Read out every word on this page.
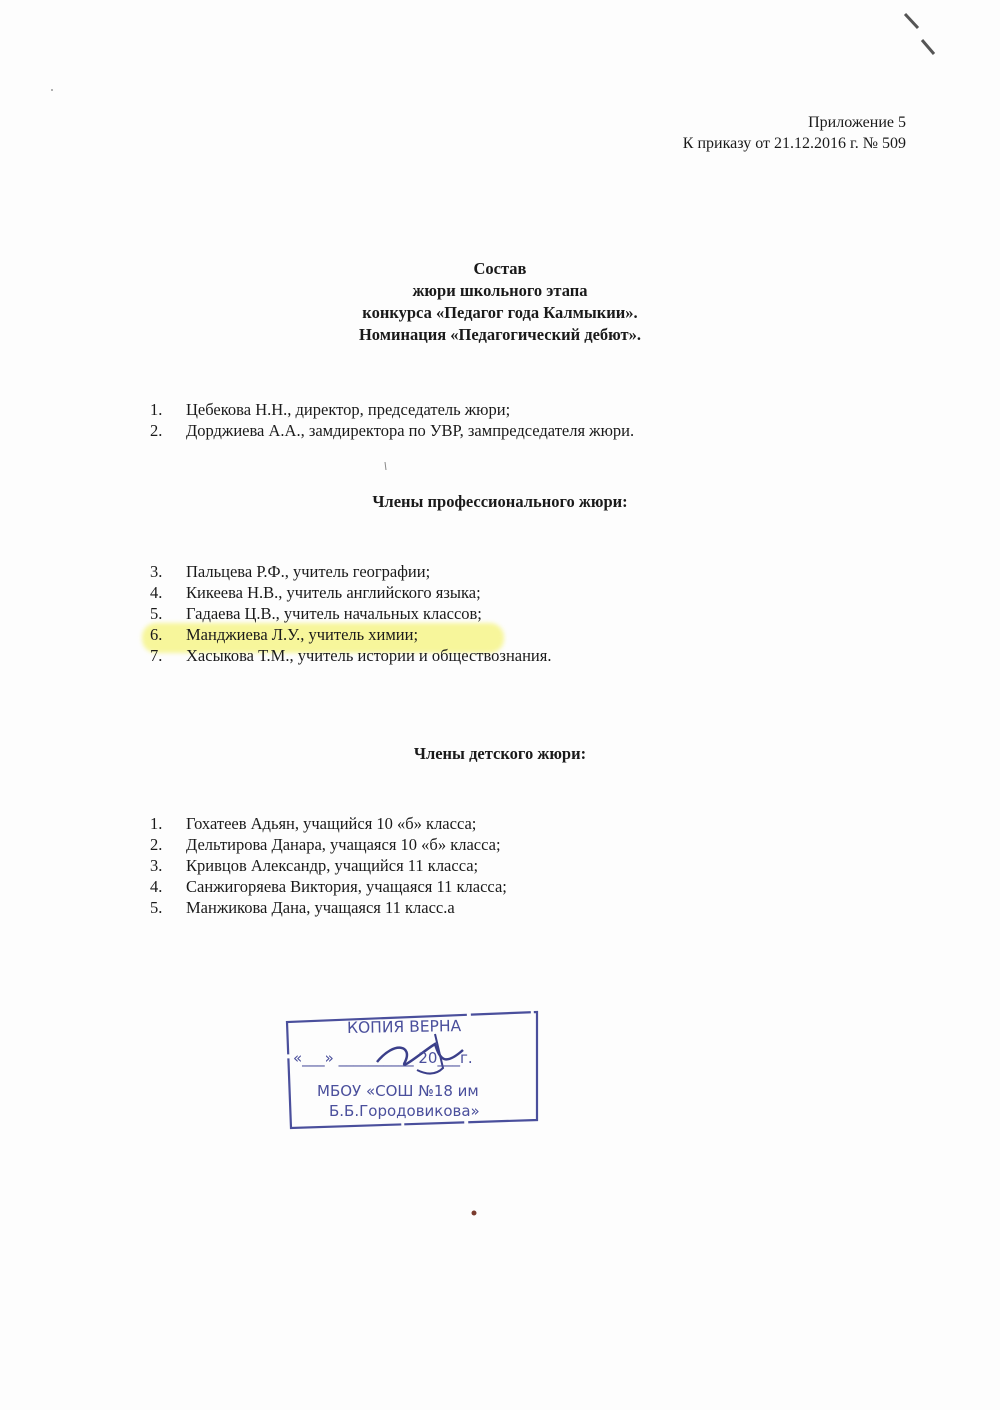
Приложение 5
К приказу от 21.12.2016 г. № 509
Состав
жюри школьного этапа
конкурса «Педагог года Калмыкии».
Номинация «Педагогический дебют».
1. Цебекова Н.Н., директор, председатель жюри;
2. Дорджиева А.А., замдиректора по УВР, зампредседателя жюри.
Члены профессионального жюри:
3. Пальцева Р.Ф., учитель географии;
4. Кикеева Н.В., учитель английского языка;
5. Гадаева Ц.В., учитель начальных классов;
6. Манджиева Л.У., учитель химии;
7. Хасыкова Т.М., учитель истории и обществознания.
Члены детского жюри:
1. Гохатеев Адьян, учащийся 10 «б» класса;
2. Дельтирова Данара, учащаяся 10 «б» класса;
3. Кривцов Александр, учащийся 11 класса;
4. Санжигоряева Виктория, учащаяся 11 класса;
5. Манжикова Дана, учащаяся 11 класс.а
КОПИЯ ВЕРНА
«___» __________ 20___г.
МБОУ «СОШ №18 им
Б.Б.Городовикова»
